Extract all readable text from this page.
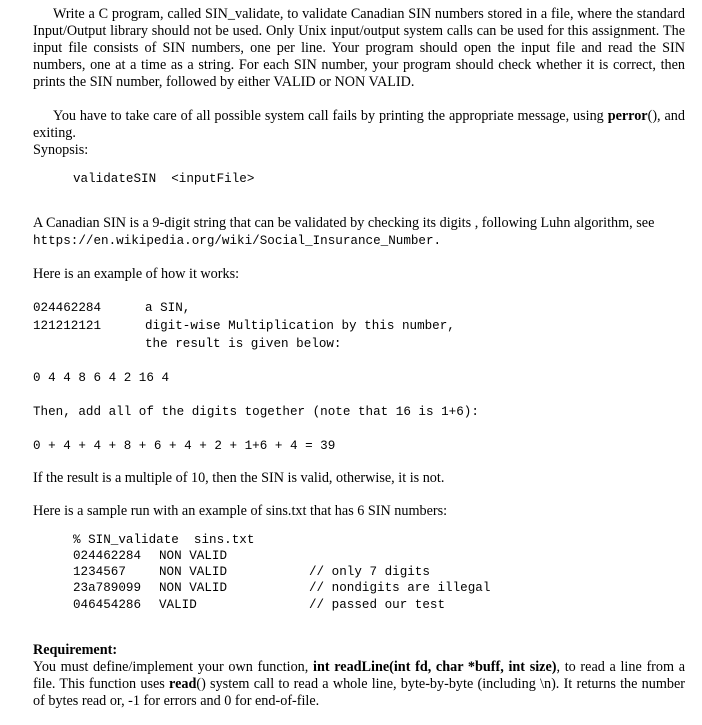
Write a C program, called SIN_validate, to validate Canadian SIN numbers stored in a file, where the standard Input/Output library should not be used. Only Unix input/output system calls can be used for this assignment. The input file consists of SIN numbers, one per line. Your program should open the input file and read the SIN numbers, one at a time as a string. For each SIN number, your program should check whether it is correct, then prints the SIN number, followed by either VALID or NON VALID.

You have to take care of all possible system call fails by printing the appropriate message, using perror(), and exiting.

Synopsis:

validateSIN  <inputFile>

A Canadian SIN is a 9-digit string that can be validated by checking its digits , following Luhn algorithm, see

https://en.wikipedia.org/wiki/Social_Insurance_Number.

Here is an example of how it works:

024462284	a SIN,

121212121	digit-wise Multiplication by this number,

the result is given below:

0 4 4 8 6 4 2 16 4

Then, add all of the digits together (note that 16 is 1+6):

0 + 4 + 4 + 8 + 6 + 4 + 2 + 1+6 + 4 = 39

If the result is a multiple of 10, then the SIN is valid, otherwise, it is not.

Here is a sample run with an example of sins.txt that has 6 SIN numbers:

% SIN_validate  sins.txt

024462284 NON VALID

1234567	NON VALID	// only 7 digits

23a789099 NON VALID	// nondigits are illegal

046454286 VALID	// passed our test

Requirement:

You must define/implement your own function, int readLine(int fd, char *buff, int size), to read a line from a file. This function uses read() system call to read a whole line, byte-by-byte (including \n). It returns the number of bytes read or, -1 for errors and 0 for end-of-file.
